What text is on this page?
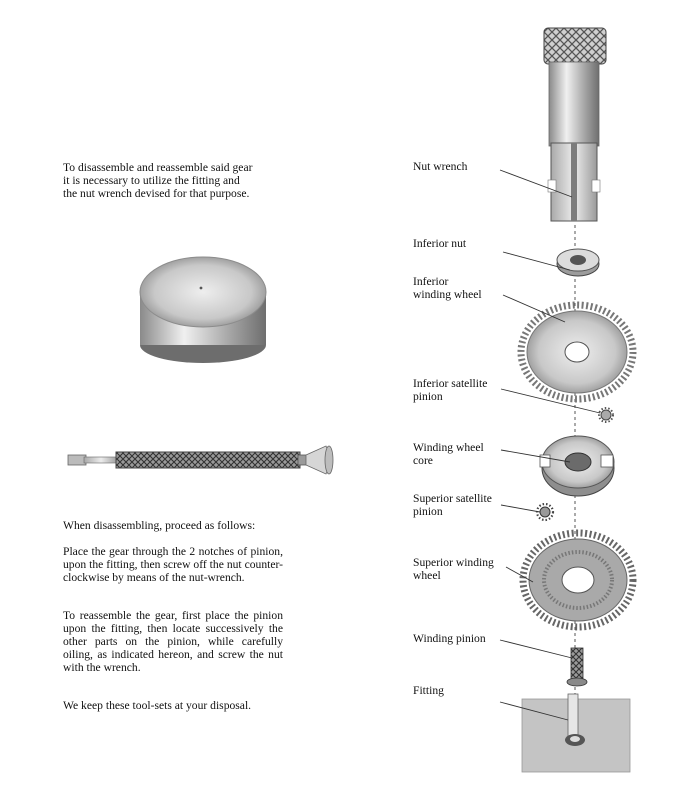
To disassemble and reassemble said gear
it is necessary to utilize the fitting and
the nut wrench devised for that purpose.

When disassembling, proceed as follows:

Place the gear through the 2 notches of pinion, upon the fitting, then screw off the nut counter-clockwise by means of the nut-wrench.

To reassemble the gear, first place the pinion upon the fitting, then locate successively the other parts on the pinion, while carefully oiling, as indicated hereon, and screw the nut with the wrench.

We keep these tool-sets at your disposal.

Nut wrench
Inferior nut
Inferior
winding wheel
Inferior satellite
pinion
Winding wheel
core
Superior satellite
pinion
Superior winding
wheel
Winding pinion
Fitting
